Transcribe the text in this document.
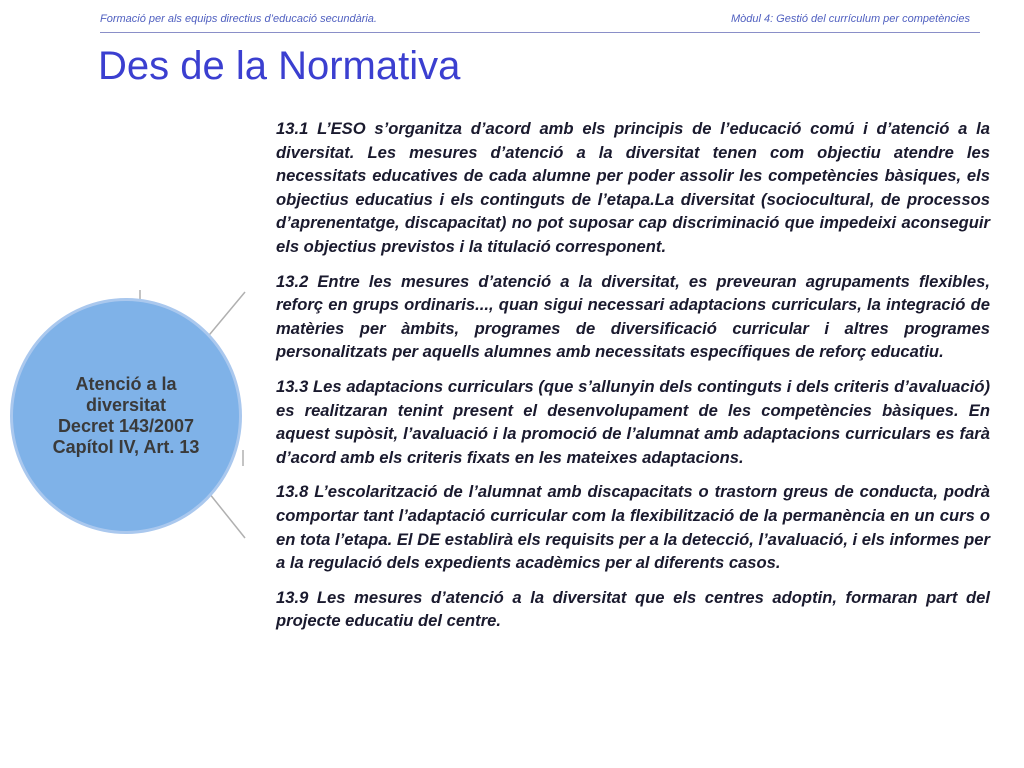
Formació per als equips directius d’educació secundària.	Mòdul 4: Gestió del currículum per competències
Des de la Normativa
Atenció a la
diversitat
Decret 143/2007
Capítol IV, Art. 13

13.1 L’ESO s’organitza d’acord amb els principis de l’educació comú i d’atenció a la diversitat. Les mesures d’atenció a la diversitat tenen com objectiu atendre les necessitats educatives de cada alumne per poder assolir les competències bàsiques, els objectius educatius i els continguts de l’etapa.La diversitat (sociocultural, de processos d’aprenentatge, discapacitat) no pot suposar cap discriminació que impedeixi aconseguir els objectius previstos i la titulació corresponent.

13.2 Entre les mesures d’atenció a la diversitat, es preveuran agrupaments flexibles, reforç en grups ordinaris..., quan sigui necessari adaptacions curriculars, la integració de matèries per àmbits, programes de diversificació curricular i altres programes personalitzats per aquells alumnes amb necessitats específiques de reforç educatiu.

13.3 Les adaptacions curriculars (que s’allunyin dels continguts i dels criteris d’avaluació) es realitzaran tenint present el desenvolupament de les competències bàsiques. En aquest supòsit, l’avaluació i la promoció de l’alumnat amb adaptacions curriculars es farà d’acord amb els criteris fixats en les mateixes adaptacions.

13.8 L’escolarització de l’alumnat amb discapacitats o trastorn greus de conducta, podrà comportar tant l’adaptació curricular com la flexibilització de la permanència en un curs o en tota l’etapa. El DE establirà els requisits per a la detecció, l’avaluació, i els informes per a la regulació dels expedients acadèmics per al diferents casos.

13.9 Les mesures d’atenció a la diversitat que els centres adoptin, formaran part del projecte educatiu del centre.
